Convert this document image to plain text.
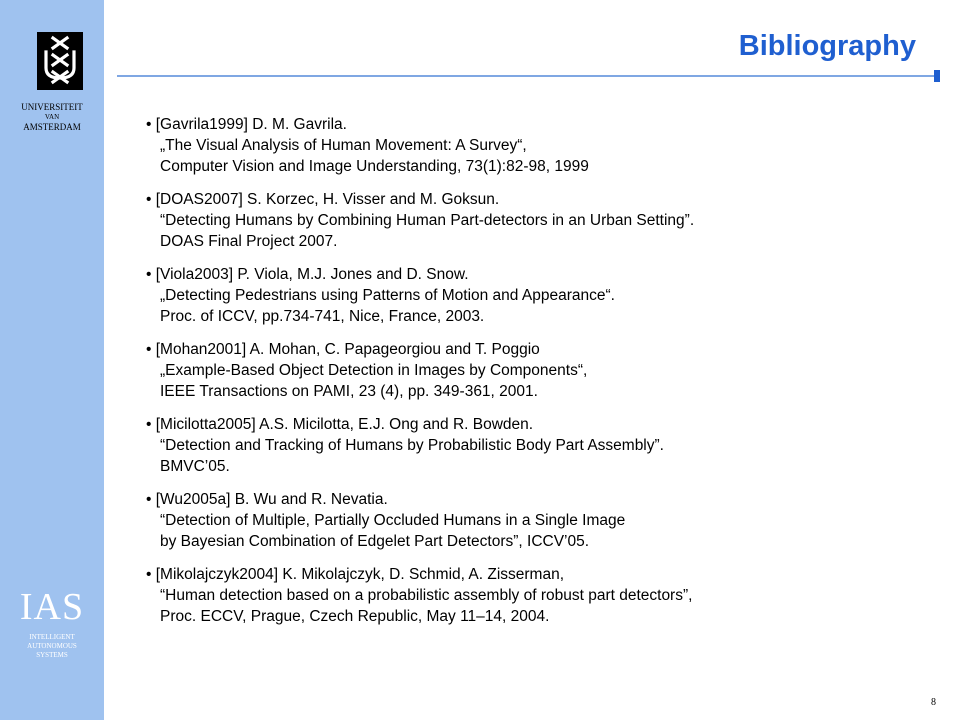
UNIVERSITEIT
VAN
AMSTERDAM
IAS
INTELLIGENT
AUTONOMOUS
SYSTEMS
Bibliography
• [Gavrila1999] D. M. Gavrila.
„The Visual Analysis of Human Movement: A Survey“,
Computer Vision and Image Understanding, 73(1):82-98, 1999
• [DOAS2007] S. Korzec, H. Visser and M. Goksun.
“Detecting Humans by Combining Human Part-detectors in an Urban Setting”.
DOAS Final Project 2007.
• [Viola2003] P. Viola, M.J. Jones and D. Snow.
„Detecting Pedestrians using Patterns of Motion and Appearance“.
Proc. of ICCV, pp.734-741, Nice, France, 2003.
• [Mohan2001] A. Mohan, C. Papageorgiou and T. Poggio
„Example-Based Object Detection in Images by Components“,
IEEE Transactions on PAMI, 23 (4), pp. 349-361, 2001.
• [Micilotta2005] A.S. Micilotta, E.J. Ong and R. Bowden.
“Detection and Tracking of Humans by Probabilistic Body Part Assembly”.
BMVC’05.
• [Wu2005a] B. Wu and R. Nevatia.
“Detection of Multiple, Partially Occluded Humans in a Single Image
by Bayesian Combination of Edgelet Part Detectors”, ICCV’05.
• [Mikolajczyk2004] K. Mikolajczyk, D. Schmid, A. Zisserman,
“Human detection based on a probabilistic assembly of robust part detectors”,
Proc. ECCV, Prague, Czech Republic, May 11–14, 2004.
8
